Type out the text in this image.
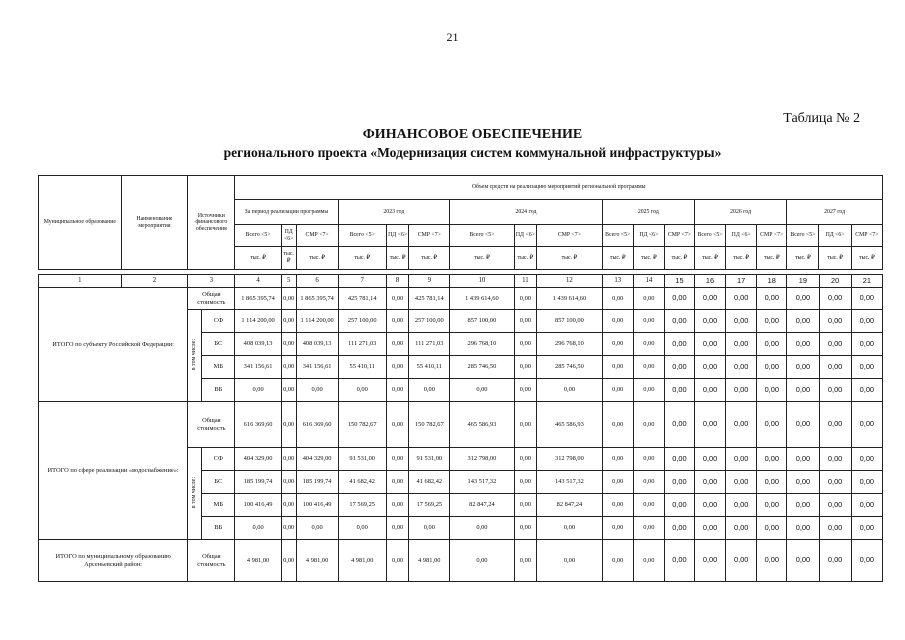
21
Таблица № 2
ФИНАНСОВОЕ ОБЕСПЕЧЕНИЕ
регионального проекта «Модернизация систем коммунальной инфраструктуры»
Муниципальное образование	Наименование мероприятия	Источники финансового обеспечения	Объем средств на реализацию мероприятий региональной программы																	
			За период реализации программы			2023 год			2024 год			2025 год			2026 год			2027 год		
			Всего <5>	ПД <6>	СМР <7>	Всего <5>	ПД <6>	СМР <7>	Всего <5>	ПД <6>	СМР <7>	Всего <5>	ПД <6>	СМР <7>	Всего <5>	ПД <6>	СМР <7>	Всего <5>	ПД <6>	СМР <7>
			тыс. ₽	тыс. ₽	тыс. ₽	тыс. ₽	тыс. ₽	тыс. ₽	тыс. ₽	тыс. ₽	тыс. ₽	тыс. ₽	тыс. ₽	тыс. ₽	тыс. ₽	тыс. ₽	тыс. ₽	тыс. ₽	тыс. ₽	тыс. ₽
1	2	3		4	5	6	7	8	9	10	11	12	13	14	15	16	17	18	19	20	21
ИТОГО по субъекту Российской Федерации:		Общая стоимость		1 865 395,74	0,00	1 865 395,74	425 781,14	0,00	425 781,14	1 439 614,60	0,00	1 439 614,60	0,00	0,00	0,00	0,00	0,00	0,00	0,00	0,00	0,00
		в том числе:	СФ	1 114 200,00	0,00	1 114 200,00	257 100,00	0,00	257 100,00	857 100,00	0,00	857 100,00	0,00	0,00	0,00	0,00	0,00	0,00	0,00	0,00	0,00
			БС	408 039,13	0,00	408 039,13	111 271,03	0,00	111 271,03	296 768,10	0,00	296 768,10	0,00	0,00	0,00	0,00	0,00	0,00	0,00	0,00	0,00
			МБ	341 156,61	0,00	341 156,61	55 410,11	0,00	55 410,11	285 746,50	0,00	285 746,50	0,00	0,00	0,00	0,00	0,00	0,00	0,00	0,00	0,00
			ВБ	0,00	0,00	0,00	0,00	0,00	0,00	0,00	0,00	0,00	0,00	0,00	0,00	0,00	0,00	0,00	0,00	0,00	0,00
ИТОГО по сфере реализации «водоснабжение»:		Общая стоимость		616 369,60	0,00	616 369,60	150 782,67	0,00	150 782,67	465 586,93	0,00	465 586,93	0,00	0,00	0,00	0,00	0,00	0,00	0,00	0,00	0,00
		в том числе:	СФ	404 329,00	0,00	404 329,00	91 531,00	0,00	91 531,00	312 798,00	0,00	312 798,00	0,00	0,00	0,00	0,00	0,00	0,00	0,00	0,00	0,00
			БС	185 199,74	0,00	185 199,74	41 682,42	0,00	41 682,42	143 517,32	0,00	143 517,32	0,00	0,00	0,00	0,00	0,00	0,00	0,00	0,00	0,00
			МБ	100 416,49	0,00	100 416,49	17 569,25	0,00	17 569,25	82 847,24	0,00	82 847,24	0,00	0,00	0,00	0,00	0,00	0,00	0,00	0,00	0,00
			ВБ	0,00	0,00	0,00	0,00	0,00	0,00	0,00	0,00	0,00	0,00	0,00	0,00	0,00	0,00	0,00	0,00	0,00	0,00
ИТОГО по муниципальному образованию Арсеньевский район:		Общая стоимость		4 981,00	0,00	4 981,00	4 981,00	0,00	4 981,00	0,00	0,00	0,00	0,00	0,00	0,00	0,00	0,00	0,00	0,00	0,00	0,00
